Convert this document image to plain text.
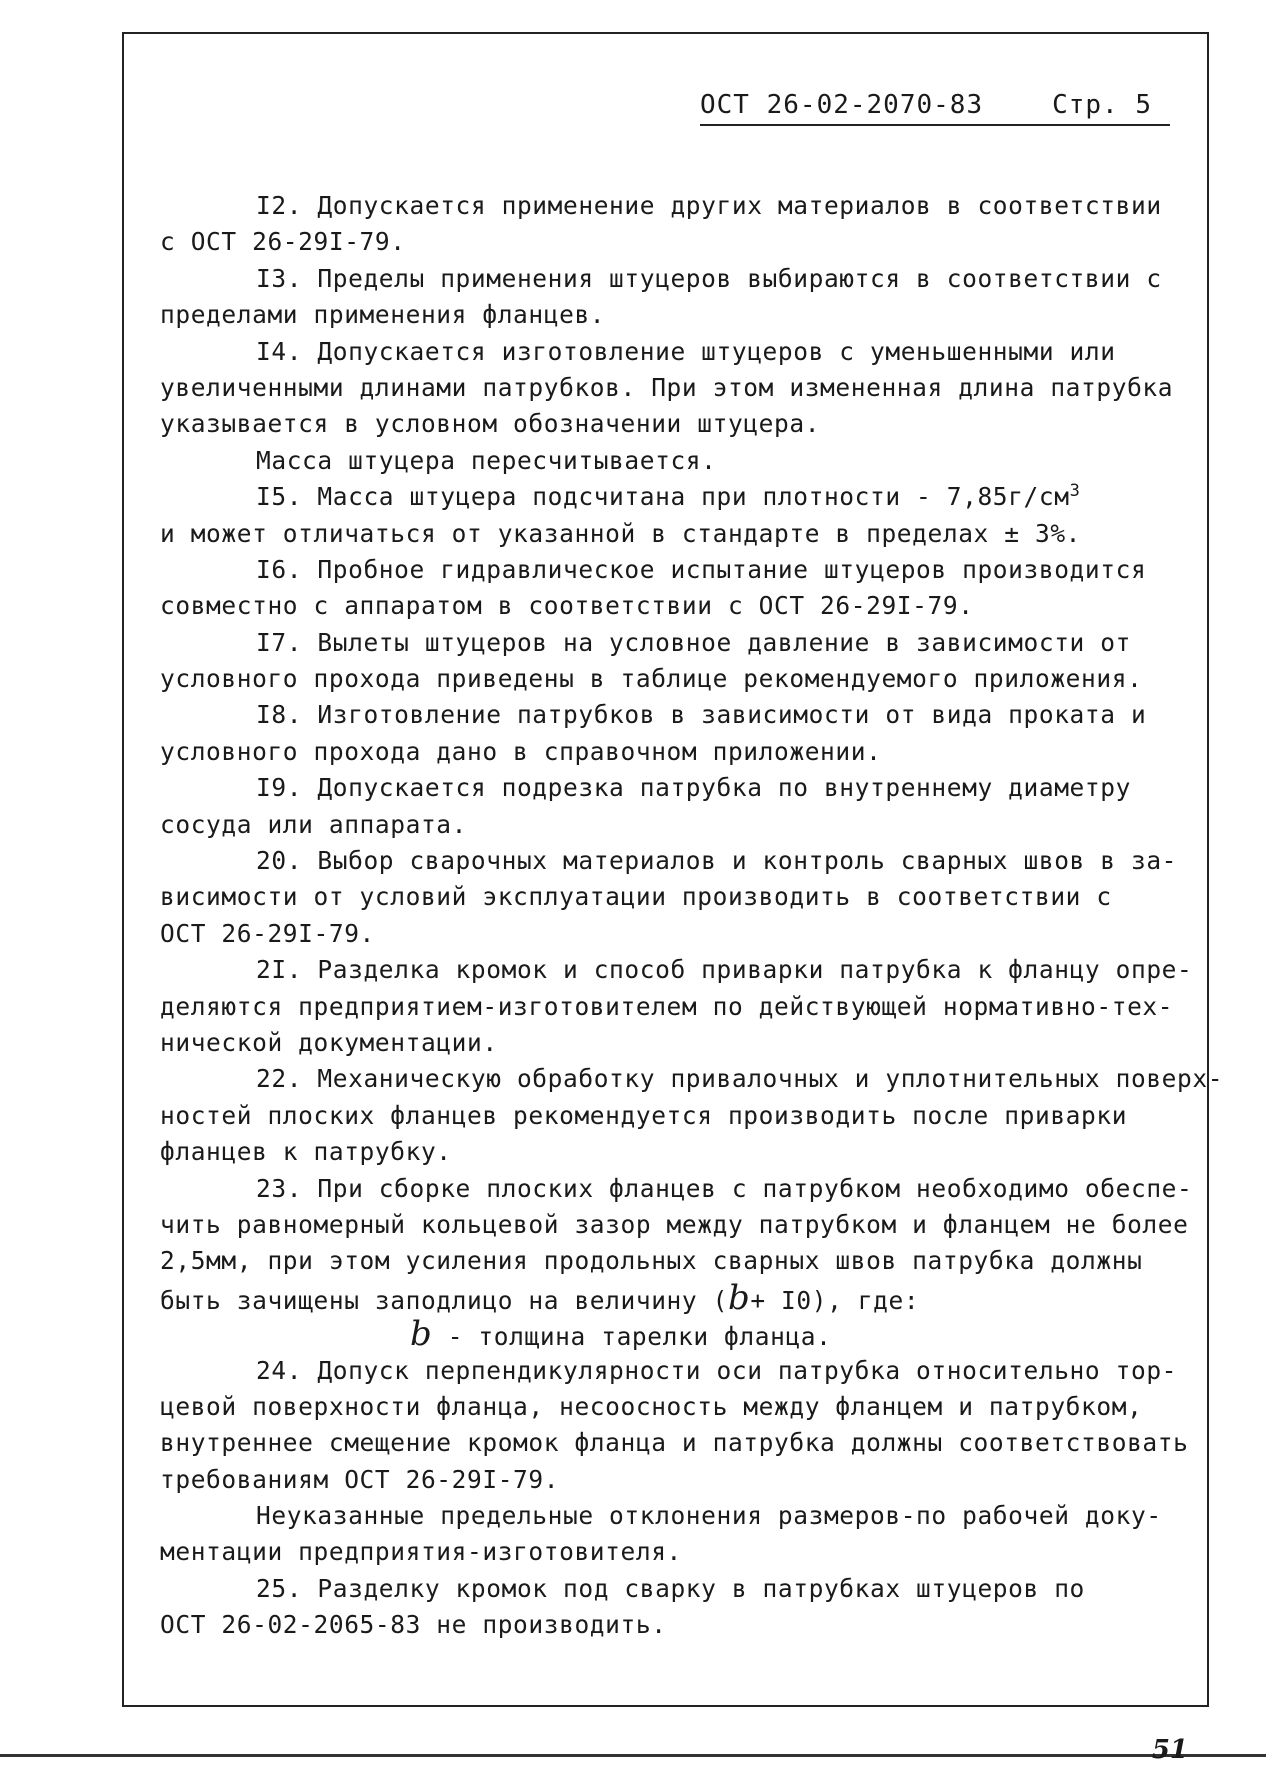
ОСТ 26-02-2070-83	Стр. 5
I2. Допускается применение других материалов в соответствии
с ОСТ 26-29I-79.
I3. Пределы применения штуцеров выбираются в соответствии с
пределами применения фланцев.
I4. Допускается изготовление штуцеров с уменьшенными или
увеличенными длинами патрубков. При этом измененная длина патрубка
указывается в условном обозначении штуцера.
Масса штуцера пересчитывается.
I5. Масса штуцера подсчитана при плотности - $7,85г/см^3$
и может отличаться от указанной в стандарте в пределах ± 3%.
I6. Пробное гидравлическое испытание штуцеров производится
совместно с аппаратом в соответствии с ОСТ 26-29I-79.
I7. Вылеты штуцеров на условное давление в зависимости от
условного прохода приведены в таблице рекомендуемого приложения.
I8. Изготовление патрубков в зависимости от вида проката и
условного прохода дано в справочном приложении.
I9. Допускается подрезка патрубка по внутреннему диаметру
сосуда или аппарата.
20. Выбор сварочных материалов и контроль сварных швов в за-
висимости от условий эксплуатации производить в соответствии с
ОСТ 26-29I-79.
2I. Разделка кромок и способ приварки патрубка к фланцу опре-
деляются предприятием-изготовителем по действующей нормативно-тех-
нической документации.
22. Механическую обработку привалочных и уплотнительных поверх-
ностей плоских фланцев рекомендуется производить после приварки
фланцев к патрубку.
23. При сборке плоских фланцев с патрубком необходимо обеспе-
чить равномерный кольцевой зазор между патрубком и фланцем не более
2,5мм, при этом усиления продольных сварных швов патрубка должны
быть зачищены заподлицо на величину (b+ I0), где:
b - толщина тарелки фланца.
24. Допуск перпендикулярности оси патрубка относительно тор-
цевой поверхности фланца, несоосность между фланцем и патрубком,
внутреннее смещение кромок фланца и патрубка должны соответствовать
требованиям ОСТ 26-29I-79.
Неуказанные предельные отклонения размеров-по рабочей доку-
ментации предприятия-изготовителя.
25. Разделку кромок под сварку в патрубках штуцеров по
ОСТ 26-02-2065-83 не производить.
51
